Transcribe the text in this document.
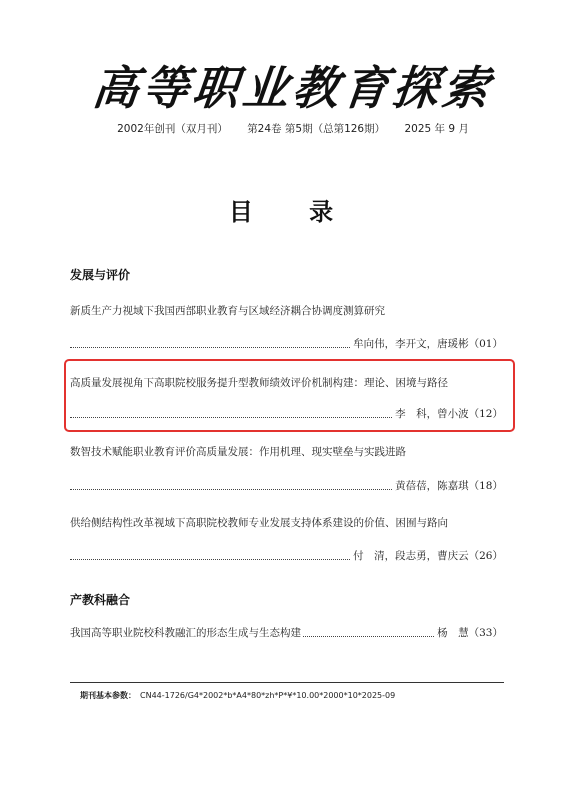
高等职业教育探索
2002年创刊（双月刊） 第24卷 第5期（总第126期） 2025 年 9 月
目 录
发展与评价
新质生产力视域下我国西部职业教育与区域经济耦合协调度测算研究
牟向伟，李开文，唐瑗彬（01）
高质量发展视角下高职院校服务提升型教师绩效评价机制构建：理论、困境与路径
李　科，曾小波（12）
数智技术赋能职业教育评价高质量发展：作用机理、现实壁垒与实践进路
黄蓓蓓，陈嘉琪（18）
供给侧结构性改革视域下高职院校教师专业发展支持体系建设的价值、困囿与路向
付　清，段志勇，曹庆云（26）
产教科融合
我国高等职业院校科教融汇的形态生成与生态构建	杨　慧（33）
期刊基本参数： CN44-1726/G4*2002*b*A4*80*zh*P*¥*10.00*2000*10*2025-09
